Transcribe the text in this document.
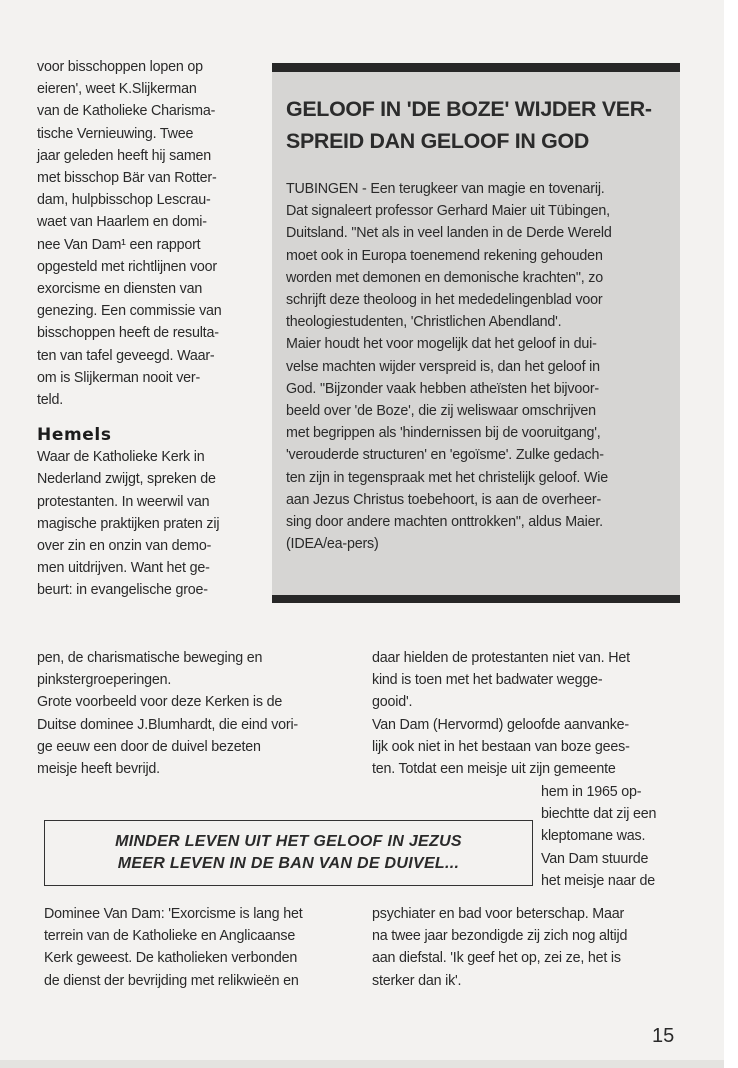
voor bisschoppen lopen op

eieren', weet K.Slijkerman

van de Katholieke Charisma-

tische Vernieuwing. Twee

jaar geleden heeft hij samen

met bisschop Bär van Rotter-

dam, hulpbisschop Lescrau-

waet van Haarlem en domi-

nee Van Dam¹ een rapport

opgesteld met richtlijnen voor

exorcisme en diensten van

genezing. Een commissie van

bisschoppen heeft de resulta-

ten van tafel geveegd. Waar-

om is Slijkerman nooit ver-

teld.

Hemels

Waar de Katholieke Kerk in

Nederland zwijgt, spreken de

protestanten. In weerwil van

magische praktijken praten zij

over zin en onzin van demo-

men uitdrijven. Want het ge-

beurt: in evangelische groe-

GELOOF IN 'DE BOZE' WIJDER VER-SPREID DAN GELOOF IN GOD

TUBINGEN - Een terugkeer van magie en tovenarij.

Dat signaleert professor Gerhard Maier uit Tübingen,

Duitsland. "Net als in veel landen in de Derde Wereld

moet ook in Europa toenemend rekening gehouden

worden met demonen en demonische krachten", zo

schrijft deze theoloog in het mededelingenblad voor

theologiestudenten, 'Christlichen Abendland'.

Maier houdt het voor mogelijk dat het geloof in dui-

velse machten wijder verspreid is, dan het geloof in

God. "Bijzonder vaak hebben atheïsten het bijvoor-

beeld over 'de Boze', die zij weliswaar omschrijven

met begrippen als 'hindernissen bij de vooruitgang',

'verouderde structuren' en 'egoïsme'. Zulke gedach-

ten zijn in tegenspraak met het christelijk geloof. Wie

aan Jezus Christus toebehoort, is aan de overheer-

sing door andere machten onttrokken", aldus Maier.

(IDEA/ea-pers)

pen, de charismatische beweging en

pinkstergroeperingen.

Grote voorbeeld voor deze Kerken is de

Duitse dominee J.Blumhardt, die eind vori-

ge eeuw een door de duivel bezeten

meisje heeft bevrijd.

daar hielden de protestanten niet van. Het

kind is toen met het badwater wegge-

gooid'.

Van Dam (Hervormd) geloofde aanvanke-

lijk ook niet in het bestaan van boze gees-

ten. Totdat een meisje uit zijn gemeente

hem in 1965 op-

biechtte dat zij een

kleptomane was.

Van Dam stuurde

het meisje naar de

MINDER LEVEN UIT HET GELOOF IN JEZUS
MEER LEVEN IN DE BAN VAN DE DUIVEL...

Dominee Van Dam: 'Exorcisme is lang het

terrein van de Katholieke en Anglicaanse

Kerk geweest. De katholieken verbonden

de dienst der bevrijding met relikwieën en

psychiater en bad voor beterschap. Maar

na twee jaar bezondigde zij zich nog altijd

aan diefstal. 'Ik geef het op, zei ze, het is

sterker dan ik'.

15
